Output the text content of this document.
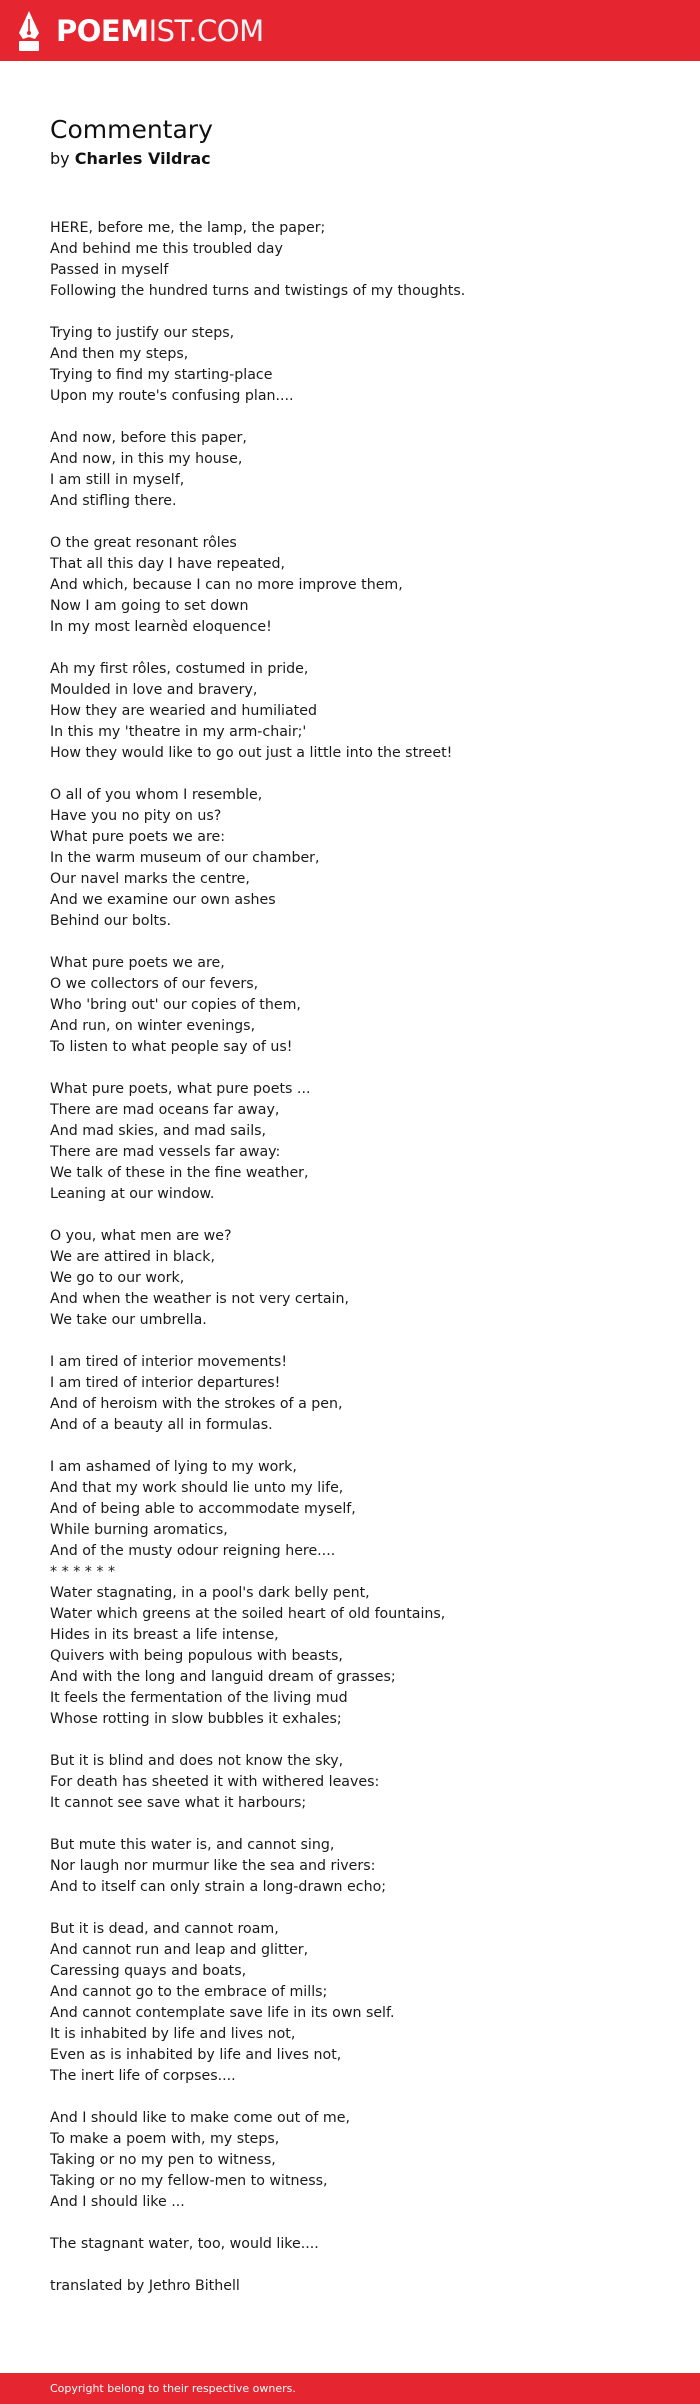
POEMIST.COM
Commentary

by Charles Vildrac

HERE, before me, the lamp, the paper;
And behind me this troubled day
Passed in myself
Following the hundred turns and twistings of my thoughts.

Trying to justify our steps,
And then my steps,
Trying to find my starting-place
Upon my route's confusing plan....

And now, before this paper,
And now, in this my house,
I am still in myself,
And stifling there.

O the great resonant rôles
That all this day I have repeated,
And which, because I can no more improve them,
Now I am going to set down
In my most learnèd eloquence!

Ah my first rôles, costumed in pride,
Moulded in love and bravery,
How they are wearied and humiliated
In this my 'theatre in my arm-chair;'
How they would like to go out just a little into the street!

O all of you whom I resemble,
Have you no pity on us?
What pure poets we are:
In the warm museum of our chamber,
Our navel marks the centre,
And we examine our own ashes
Behind our bolts.

What pure poets we are,
O we collectors of our fevers,
Who 'bring out' our copies of them,
And run, on winter evenings,
To listen to what people say of us!

What pure poets, what pure poets ...
There are mad oceans far away,
And mad skies, and mad sails,
There are mad vessels far away:
We talk of these in the fine weather,
Leaning at our window.

O you, what men are we?
We are attired in black,
We go to our work,
And when the weather is not very certain,
We take our umbrella.

I am tired of interior movements!
I am tired of interior departures!
And of heroism with the strokes of a pen,
And of a beauty all in formulas.

I am ashamed of lying to my work,
And that my work should lie unto my life,
And of being able to accommodate myself,
While burning aromatics,
And of the musty odour reigning here....
* * * * * *
Water stagnating, in a pool's dark belly pent,
Water which greens at the soiled heart of old fountains,
Hides in its breast a life intense,
Quivers with being populous with beasts,
And with the long and languid dream of grasses;
It feels the fermentation of the living mud
Whose rotting in slow bubbles it exhales;

But it is blind and does not know the sky,
For death has sheeted it with withered leaves:
It cannot see save what it harbours;

But mute this water is, and cannot sing,
Nor laugh nor murmur like the sea and rivers:
And to itself can only strain a long-drawn echo;

But it is dead, and cannot roam,
And cannot run and leap and glitter,
Caressing quays and boats,
And cannot go to the embrace of mills;
And cannot contemplate save life in its own self.
It is inhabited by life and lives not,
Even as is inhabited by life and lives not,
The inert life of corpses....

And I should like to make come out of me,
To make a poem with, my steps,
Taking or no my pen to witness,
Taking or no my fellow-men to witness,
And I should like ...

The stagnant water, too, would like....

translated by Jethro Bithell

Copyright belong to their respective owners.
